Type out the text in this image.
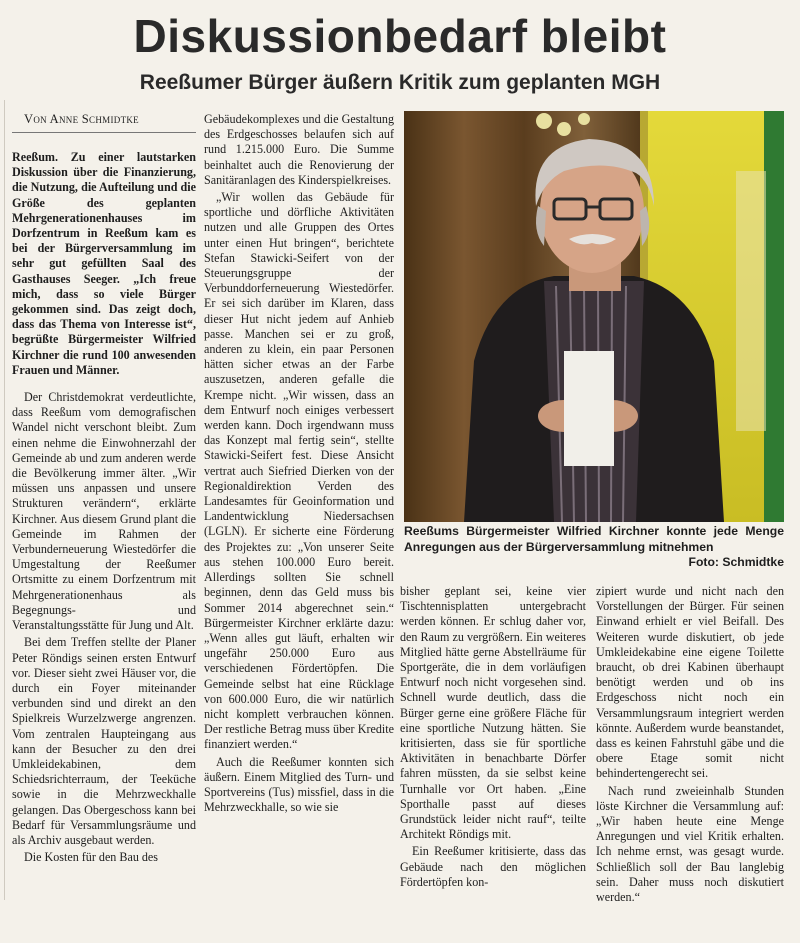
Diskussionbedarf bleibt
Reeßumer Bürger äußern Kritik zum geplanten MGH
Von Anne Schmidtke

Reeßum. Zu einer lautstarken Diskussion über die Finanzierung, die Nutzung, die Aufteilung und die Größe des geplanten Mehrgenerationenhauses im Dorfzentrum in Reeßum kam es bei der Bürgerversammlung im sehr gut gefüllten Saal des Gasthauses Seeger. „Ich freue mich, dass so viele Bürger gekommen sind. Das zeigt doch, dass das Thema von Interesse ist“, begrüßte Bürgermeister Wilfried Kirchner die rund 100 anwesenden Frauen und Männer.

Der Christdemokrat verdeutlichte, dass Reeßum vom demografischen Wandel nicht verschont bleibt. Zum einen nehme die Einwohnerzahl der Gemeinde ab und zum anderen werde die Bevölkerung immer älter. „Wir müssen uns anpassen und unsere Strukturen verändern“, erklärte Kirchner. Aus diesem Grund plant die Gemeinde im Rahmen der Verbunderneuerung Wiestedörfer die Umgestaltung der Reeßumer Ortsmitte zu einem Dorfzentrum mit Mehrgenerationenhaus als Begegnungs- und Veranstaltungsstätte für Jung und Alt.

Bei dem Treffen stellte der Planer Peter Röndigs seinen ersten Entwurf vor. Dieser sieht zwei Häuser vor, die durch ein Foyer miteinander verbunden sind und direkt an den Spielkreis Wurzelzwerge angrenzen. Vom zentralen Haupteingang aus kann der Besucher zu den drei Umkleidekabinen, dem Schiedsrichterraum, der Teeküche sowie in die Mehrzweckhalle gelangen. Das Obergeschoss kann bei Bedarf für Versammlungsräume und als Archiv ausgebaut werden.

Die Kosten für den Bau des

Gebäudekomplexes und die Gestaltung des Erdgeschosses belaufen sich auf rund 1.215.000 Euro. Die Summe beinhaltet auch die Renovierung der Sanitäranlagen des Kinderspielkreises.

„Wir wollen das Gebäude für sportliche und dörfliche Aktivitäten nutzen und alle Gruppen des Ortes unter einen Hut bringen“, berichtete Stefan Stawicki-Seifert von der Steuerungsgruppe der Verbunddorferneuerung Wiestedörfer. Er sei sich darüber im Klaren, dass dieser Hut nicht jedem auf Anhieb passe. Manchen sei er zu groß, anderen zu klein, ein paar Personen hätten sicher etwas an der Farbe auszusetzen, anderen gefalle die Krempe nicht. „Wir wissen, dass an dem Entwurf noch einiges verbessert werden kann. Doch irgendwann muss das Konzept mal fertig sein“, stellte Stawicki-Seifert fest. Diese Ansicht vertrat auch Siefried Dierken von der Regionaldirektion Verden des Landesamtes für Geoinformation und Landentwicklung Niedersachsen (LGLN). Er sicherte eine Förderung des Projektes zu: „Von unserer Seite aus stehen 100.000 Euro bereit. Allerdings sollten Sie schnell beginnen, denn das Geld muss bis Sommer 2014 abgerechnet sein.“ Bürgermeister Kirchner erklärte dazu: „Wenn alles gut läuft, erhalten wir ungefähr 250.000 Euro aus verschiedenen Fördertöpfen. Die Gemeinde selbst hat eine Rücklage von 600.000 Euro, die wir natürlich nicht komplett verbrauchen können. Der restliche Betrag muss über Kredite finanziert werden.“

Auch die Reeßumer konnten sich äußern. Einem Mitglied des Turn- und Sportvereins (Tus) missfiel, dass in die Mehrzweckhalle, so wie sie

Reeßums Bürgermeister Wilfried Kirchner konnte jede Menge Anregungen aus der Bürgerversammlung mitnehmen
Foto: Schmidtke

bisher geplant sei, keine vier Tischtennisplatten untergebracht werden können. Er schlug daher vor, den Raum zu vergrößern. Ein weiteres Mitglied hätte gerne Abstellräume für Sportgeräte, die in dem vorläufigen Entwurf noch nicht vorgesehen sind. Schnell wurde deutlich, dass die Bürger gerne eine größere Fläche für eine sportliche Nutzung hätten. Sie kritisierten, dass sie für sportliche Aktivitäten in benachbarte Dörfer fahren müssten, da sie selbst keine Turnhalle vor Ort haben. „Eine Sporthalle passt auf dieses Grundstück leider nicht rauf“, teilte Architekt Röndigs mit.

Ein Reeßumer kritisierte, dass das Gebäude nach den möglichen Fördertöpfen kon-

zipiert wurde und nicht nach den Vorstellungen der Bürger. Für seinen Einwand erhielt er viel Beifall. Des Weiteren wurde diskutiert, ob jede Umkleidekabine eine eigene Toilette braucht, ob drei Kabinen überhaupt benötigt werden und ob ins Erdgeschoss nicht noch ein Versammlungsraum integriert werden könnte. Außerdem wurde beanstandet, dass es keinen Fahrstuhl gäbe und die obere Etage somit nicht behindertengerecht sei.

Nach rund zweieinhalb Stunden löste Kirchner die Versammlung auf: „Wir haben heute eine Menge Anregungen und viel Kritik erhalten. Ich nehme ernst, was gesagt wurde. Schließlich soll der Bau langlebig sein. Daher muss noch diskutiert werden.“
